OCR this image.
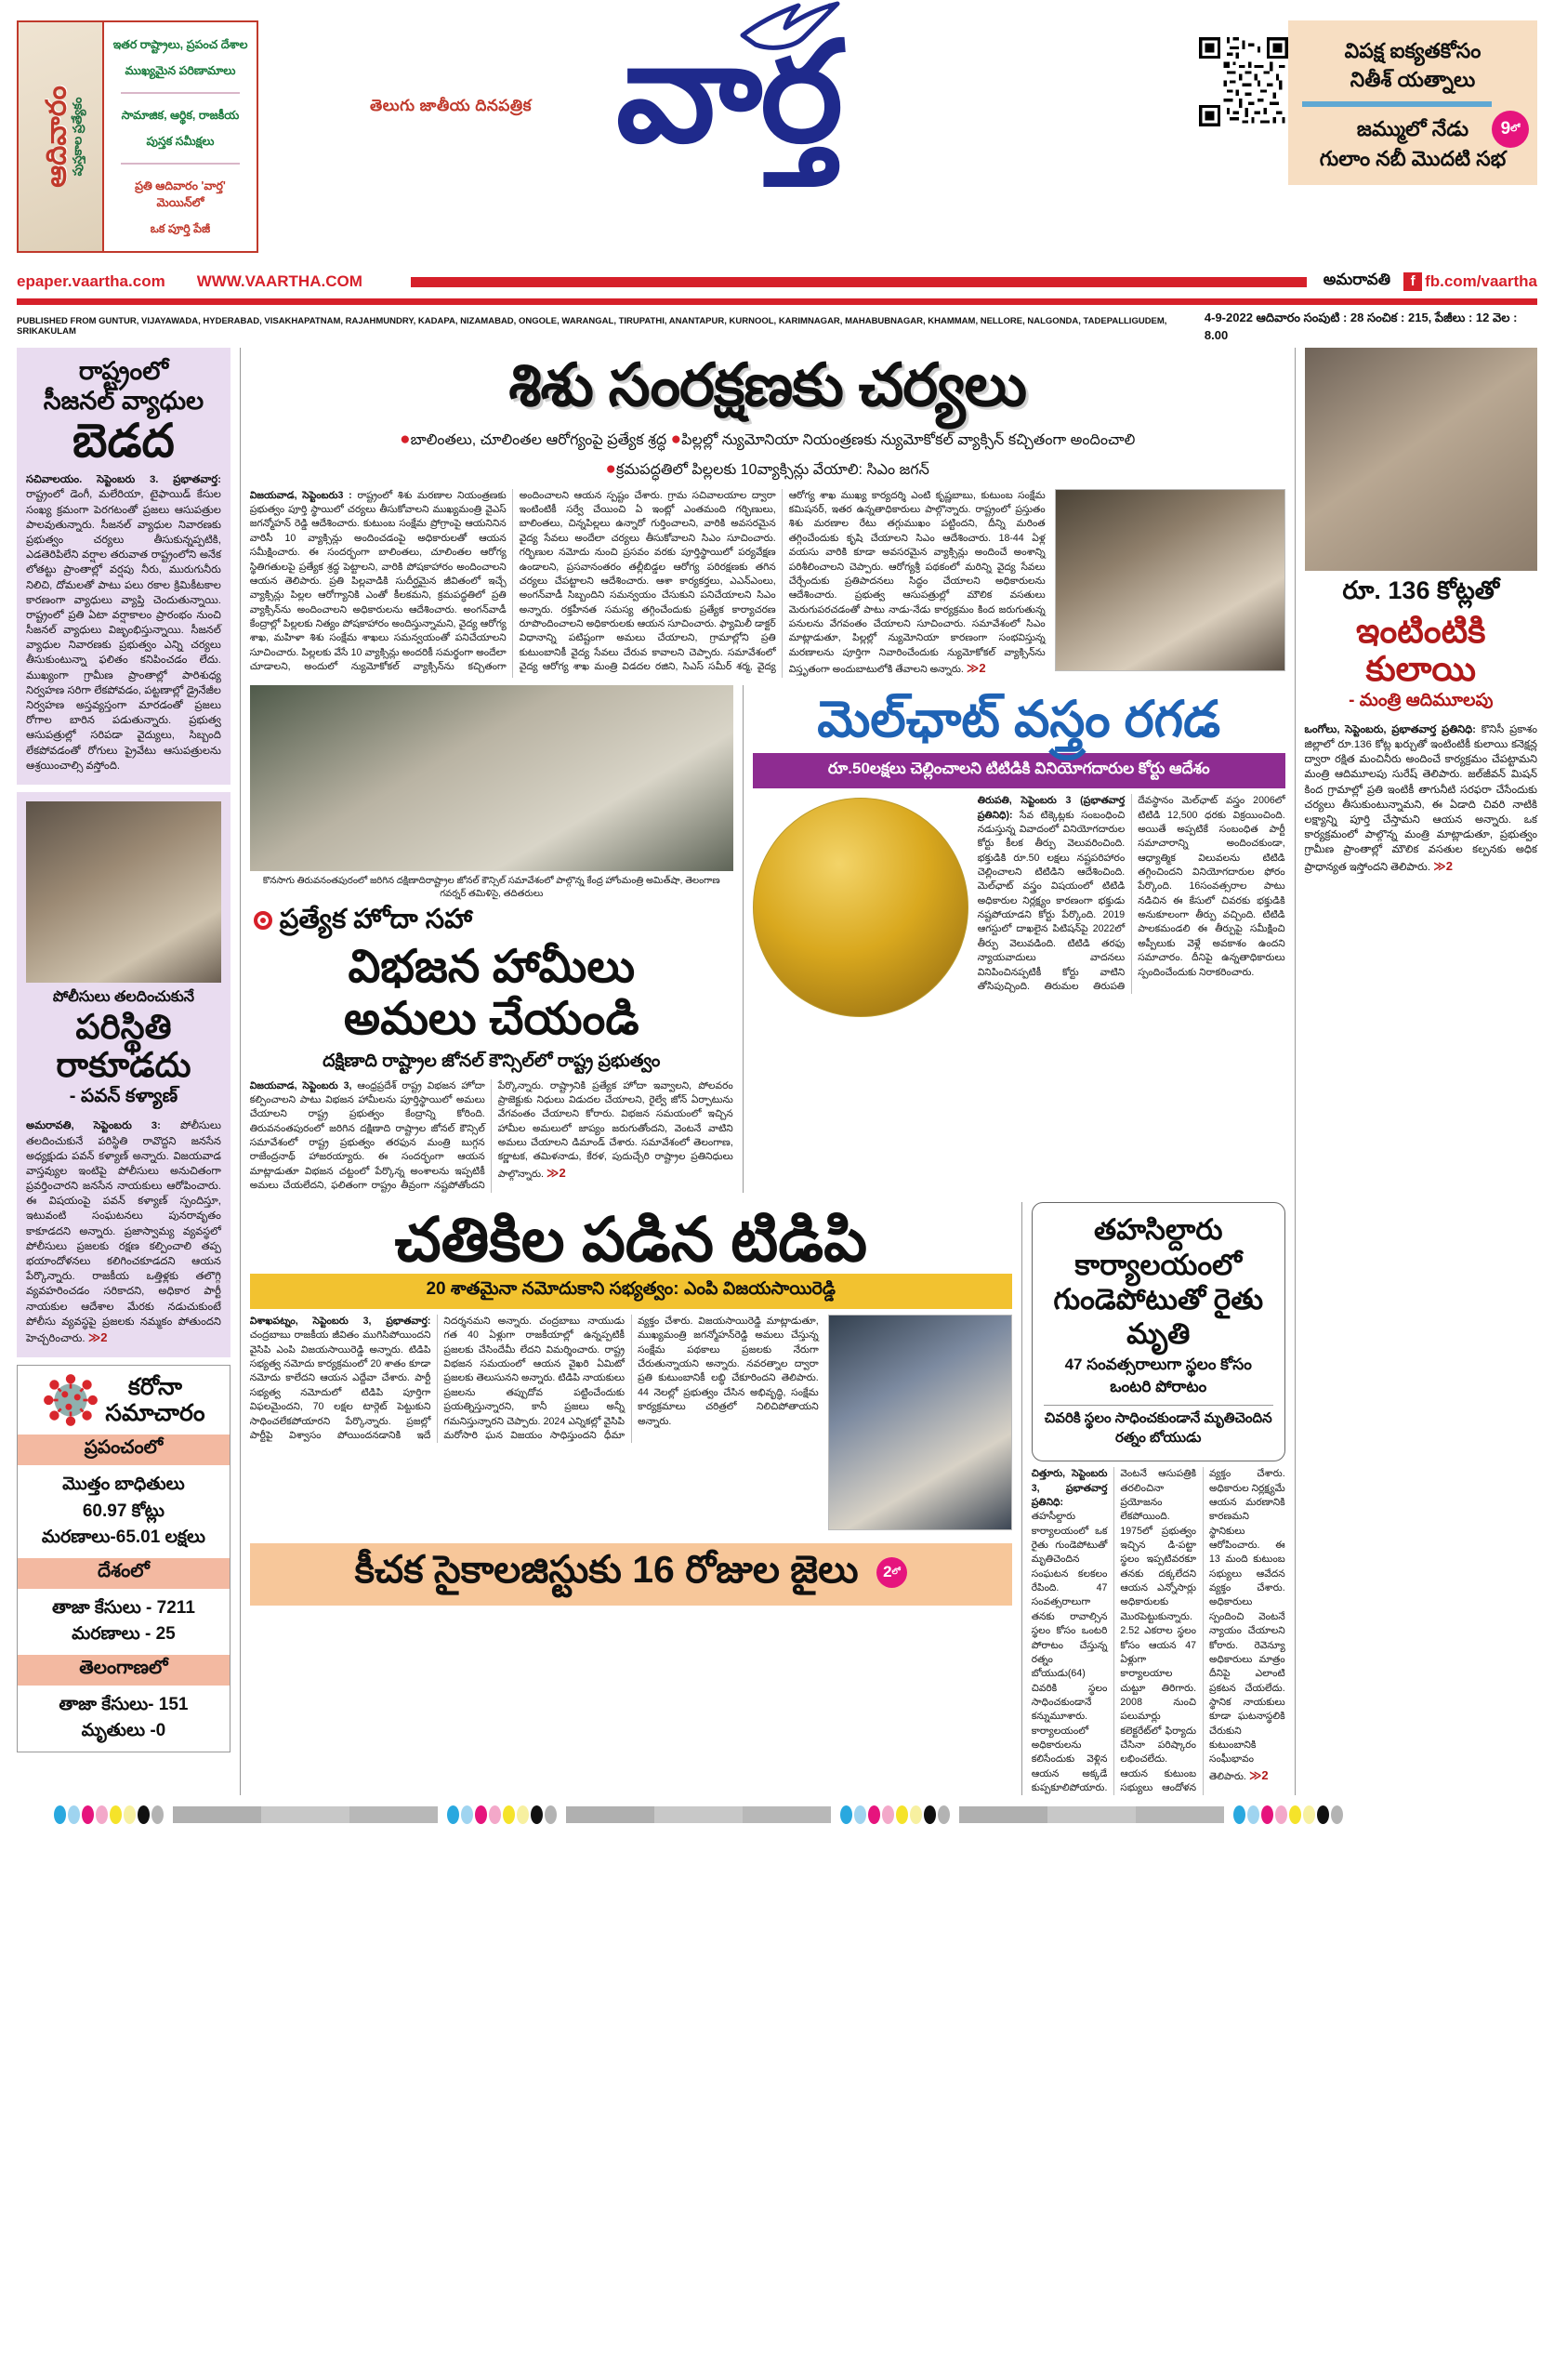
ఆదివారం
పుస్తకాల ప్రత్యేకం
ఇతర రాష్ట్రాలు, ప్రపంచ దేశాల
ముఖ్యమైన పరిణామాలు
సామాజిక, ఆర్థిక, రాజకీయ
పుస్తక సమీక్షలు
ప్రతి ఆదివారం 'వార్త' మెయిన్‌లో
ఒక పూర్తి పేజీ
తెలుగు జాతీయ దినపత్రిక వార్త	విపక్ష ఐక్యతకోసం
నితీశ్ యత్నాలు
9 లో
జమ్ములో నేడు
గులాం నబీ మొదటి సభ
epaper.vaartha.com WWW.VAARTHA.COM	అమరావతి	f fb.com/vaartha
PUBLISHED FROM GUNTUR, VIJAYAWADA, HYDERABAD, VISAKHAPATNAM, RAJAHMUNDRY, KADAPA, NIZAMABAD, ONGOLE, WARANGAL, TIRUPATHI, ANANTAPUR, KURNOOL, KARIMNAGAR, MAHABUBNAGAR, KHAMMAM, NELLORE, NALGONDA, TADEPALLIGUDEM, SRIKAKULAM
4-9-2022 ఆదివారం సంపుటి : 28 సంచిక : 215, పేజీలు : 12 వెల : 8.00
రాష్ట్రంలో
సీజనల్ వ్యాధుల
బెడద
సచివాలయం. సెప్టెంబరు 3. ప్రభాతవార్త: రాష్ట్రంలో డెంగీ, మలేరియా, టైఫాయిడ్ కేసుల సంఖ్య క్రమంగా పెరగటంతో ప్రజలు ఆసుపత్రుల పాలవుతున్నారు. సీజనల్ వ్యాధుల నివారణకు ప్రభుత్వం చర్యలు తీసుకున్నప్పటికి, ఎడతెరిపిలేని వర్షాల తరువాత రాష్ట్రంలోని అనేక లోతట్టు ప్రాంతాల్లో వర్షపు నీరు, మురుగునీరు నిలిచి, దోమలతో పాటు పలు రకాల క్రిమికీటకాల కారణంగా వ్యాధులు వ్యాప్తి చెందుతున్నాయి. రాష్ట్రంలో ప్రతి ఏటా వర్షాకాలం ప్రారంభం నుంచి సీజనల్ వ్యాధులు విజృంభిస్తున్నాయి. సీజనల్ వ్యాధుల నివారణకు ప్రభుత్వం ఎన్ని చర్యలు తీసుకుంటున్నా ఫలితం కనిపించడం లేదు. ముఖ్యంగా గ్రామీణ ప్రాంతాల్లో పారిశుధ్య నిర్వహణ సరిగా లేకపోవడం, పట్టణాల్లో డ్రైనేజీల నిర్వహణ అస్తవ్యస్తంగా మారడంతో ప్రజలు రోగాల బారిన పడుతున్నారు. ప్రభుత్వ ఆసుపత్రుల్లో సరిపడా వైద్యులు, సిబ్బంది లేకపోవడంతో రోగులు ప్రైవేటు ఆసుపత్రులను ఆశ్రయించాల్సి వస్తోంది.
పోలీసులు తలదించుకునే
పరిస్థితి
రాకూడదు
- పవన్ కళ్యాణ్
అమరావతి, సెప్టెంబరు 3: పోలీసులు తలదించుకునే పరిస్థితి రావొద్దని జనసేన అధ్యక్షుడు పవన్ కళ్యాణ్ అన్నారు. విజయవాడ వాస్తవ్యుల ఇంటిపై పోలీసులు అనుచితంగా ప్రవర్తించారని జనసేన నాయకులు ఆరోపించారు. ఈ విషయంపై పవన్ కళ్యాణ్ స్పందిస్తూ, ఇటువంటి సంఘటనలు పునరావృతం కాకూడదని అన్నారు. ప్రజాస్వామ్య వ్యవస్థలో పోలీసులు ప్రజలకు రక్షణ కల్పించాలి తప్ప భయాందోళనలు కలిగించకూడదని ఆయన పేర్కొన్నారు. రాజకీయ ఒత్తిళ్లకు తలొగ్గి వ్యవహరించడం సరికాదని, అధికార పార్టీ నాయకుల ఆదేశాల మేరకు నడుచుకుంటే పోలీసు వ్యవస్థపై ప్రజలకు నమ్మకం పోతుందని హెచ్చరించారు. ≫2
కరోనా
సమాచారం
ప్రపంచంలో
మొత్తం బాధితులు
60.97 కోట్లు
మరణాలు-65.01 లక్షలు
దేశంలో
తాజా కేసులు - 7211
మరణాలు - 25
తెలంగాణలో
తాజా కేసులు- 151
మృతులు -0
శిశు సంరక్షణకు చర్యలు
●బాలింతలు, చూలింతల ఆరోగ్యంపై ప్రత్యేక శ్రద్ధ ●పిల్లల్లో న్యుమోనియా నియంత్రణకు న్యుమోకోకల్ వ్యాక్సిన్ కచ్చితంగా అందించాలి
●క్రమపద్ధతిలో పిల్లలకు 10వ్యాక్సిన్లు వేయాలి: సిఎం జగన్
విజయవాడ, సెప్టెంబరు3 : రాష్ట్రంలో శిశు మరణాల నియంత్రణకు ప్రభుత్వం పూర్తి స్థాయిలో చర్యలు తీసుకోవాలని ముఖ్యమంత్రి వైఎస్ జగన్మోహన్ రెడ్డి ఆదేశించారు. కుటుంబ సంక్షేమ ప్రోగ్రాంపై ఆయనినిన వారిసీ 10 వ్యాక్సిన్లు అందించడంపై అధికారులతో ఆయన సమీక్షించారు. ఈ సందర్భంగా బాలింతలు, చూలింతల ఆరోగ్య స్థితిగతులపై ప్రత్యేక శ్రద్ధ పెట్టాలని, వారికి పోషకాహారం అందించాలని ఆయన తెలిపారు. ప్రతి పిల్లవాడికి సుదీర్ఘమైన జీవితంలో ఇచ్చే వ్యాక్సిన్లు పిల్లల ఆరోగ్యానికి ఎంతో కీలకమని, క్రమపద్ధతిలో ప్రతి వ్యాక్సిన్‌ను అందించాలని అధికారులను ఆదేశించారు. అంగన్‌వాడీ కేంద్రాల్లో పిల్లలకు నిత్యం పోషకాహారం అందిస్తున్నామని, వైద్య ఆరోగ్య శాఖ, మహిళా శిశు సంక్షేమ శాఖలు సమన్వయంతో పనిచేయాలని సూచించారు. పిల్లలకు వేసే 10 వ్యాక్సిన్లు అందరికీ సమర్థంగా అందేలా చూడాలని, అందులో న్యుమోకోకల్ వ్యాక్సిన్‌ను కచ్చితంగా అందించాలని ఆయన స్పష్టం చేశారు. గ్రామ సచివాలయాల ద్వారా ఇంటింటికీ సర్వే చేయించి ఏ ఇంట్లో ఎంతమంది గర్భిణులు, బాలింతలు, చిన్నపిల్లలు ఉన్నారో గుర్తించాలని, వారికి అవసరమైన వైద్య సేవలు అందేలా చర్యలు తీసుకోవాలని సిఎం సూచించారు. గర్భిణుల నమోదు నుంచి ప్రసవం వరకు పూర్తిస్థాయిలో పర్యవేక్షణ ఉండాలని, ప్రసవానంతరం తల్లీబిడ్డల ఆరోగ్య పరిరక్షణకు తగిన చర్యలు చేపట్టాలని ఆదేశించారు. ఆశా కార్యకర్తలు, ఎఎన్ఎంలు, అంగన్‌వాడీ సిబ్బందిని సమన్వయం చేసుకుని పనిచేయాలని సిఎం అన్నారు. రక్తహీనత సమస్య తగ్గించేందుకు ప్రత్యేక కార్యాచరణ రూపొందించాలని అధికారులకు ఆయన సూచించారు. ఫ్యామిలీ డాక్టర్ విధానాన్ని పటిష్టంగా అమలు చేయాలని, గ్రామాల్లోని ప్రతి కుటుంబానికీ వైద్య సేవలు చేరువ కావాలని చెప్పారు. సమావేశంలో వైద్య ఆరోగ్య శాఖ మంత్రి విడదల రజిని, సిఎస్ సమీర్ శర్మ, వైద్య ఆరోగ్య శాఖ ముఖ్య కార్యదర్శి ఎంటి కృష్ణబాబు, కుటుంబ సంక్షేమ కమిషనర్, ఇతర ఉన్నతాధికారులు పాల్గొన్నారు. రాష్ట్రంలో ప్రస్తుతం శిశు మరణాల రేటు తగ్గుముఖం పట్టిందని, దీన్ని మరింత తగ్గించేందుకు కృషి చేయాలని సిఎం ఆదేశించారు. 18-44 ఏళ్ల వయసు వారికి కూడా అవసరమైన వ్యాక్సిన్లు అందించే అంశాన్ని పరిశీలించాలని చెప్పారు. ఆరోగ్యశ్రీ పథకంలో మరిన్ని వైద్య సేవలు చేర్చేందుకు ప్రతిపాదనలు సిద్ధం చేయాలని అధికారులను ఆదేశించారు. ప్రభుత్వ ఆసుపత్రుల్లో మౌలిక వసతులు మెరుగుపరచడంతో పాటు నాడు-నేడు కార్యక్రమం కింద జరుగుతున్న పనులను వేగవంతం చేయాలని సూచించారు. సమావేశంలో సిఎం మాట్లాడుతూ, పిల్లల్లో న్యుమోనియా కారణంగా సంభవిస్తున్న మరణాలను పూర్తిగా నివారించేందుకు న్యుమోకోకల్ వ్యాక్సిన్‌ను విస్తృతంగా అందుబాటులోకి తేవాలని అన్నారు. ≫2
కొనసాగు తిరువనంతపురంలో జరిగిన దక్షిణాదిరాష్ట్రాల జోనల్ కౌన్సిల్ సమావేశంలో పాల్గొన్న కేంద్ర హోంమంత్రి అమిత్‌షా, తెలంగాణ గవర్నర్ తమిళిసై, తదితరులు
ప్రత్యేక హోదా సహా
విభజన హామీలు
అమలు చేయండి
దక్షిణాది రాష్ట్రాల జోనల్ కౌన్సిల్‌లో రాష్ట్ర ప్రభుత్వం
విజయవాడ, సెప్టెంబరు 3, ఆంధ్రప్రదేశ్ రాష్ట్ర విభజన హోదా కల్పించాలని పాటు విభజన హామీలను పూర్తిస్థాయిలో అమలు చేయాలని రాష్ట్ర ప్రభుత్వం కేంద్రాన్ని కోరింది. తిరువనంతపురంలో జరిగిన దక్షిణాది రాష్ట్రాల జోనల్ కౌన్సిల్ సమావేశంలో రాష్ట్ర ప్రభుత్వం తరఫున మంత్రి బుగ్గన రాజేంద్రనాథ్ హాజరయ్యారు. ఈ సందర్భంగా ఆయన మాట్లాడుతూ విభజన చట్టంలో పేర్కొన్న అంశాలను ఇప్పటికీ అమలు చేయలేదని, ఫలితంగా రాష్ట్రం తీవ్రంగా నష్టపోతోందని పేర్కొన్నారు. రాష్ట్రానికి ప్రత్యేక హోదా ఇవ్వాలని, పోలవరం ప్రాజెక్టుకు నిధులు విడుదల చేయాలని, రైల్వే జోన్ ఏర్పాటును వేగవంతం చేయాలని కోరారు. విభజన సమయంలో ఇచ్చిన హామీల అమలులో జాప్యం జరుగుతోందని, వెంటనే వాటిని అమలు చేయాలని డిమాండ్ చేశారు. సమావేశంలో తెలంగాణ, కర్ణాటక, తమిళనాడు, కేరళ, పుదుచ్చేరి రాష్ట్రాల ప్రతినిధులు పాల్గొన్నారు. ≫2
మెల్‌ఛాట్ వస్త్రం రగడ
రూ.50లక్షలు చెల్లించాలని టిటిడికి వినియోగదారుల కోర్టు ఆదేశం
తిరుపతి, సెప్టెంబరు 3 (ప్రభాతవార్త ప్రతినిధి): సేవ టిక్కెట్లకు సంబంధించి నడుస్తున్న వివాదంలో వినియోగదారుల కోర్టు కీలక తీర్పు వెలువరించింది. భక్తుడికి రూ.50 లక్షలు నష్టపరిహారం చెల్లించాలని టిటిడిని ఆదేశించింది. మెల్‌ఛాట్ వస్త్రం విషయంలో టిటిడి అధికారుల నిర్లక్ష్యం కారణంగా భక్తుడు నష్టపోయాడని కోర్టు పేర్కొంది. 2019 ఆగస్టులో దాఖలైన పిటిషన్‌పై 2022లో తీర్పు వెలువడింది. టిటిడి తరఫు న్యాయవాదులు వాదనలు వినిపించినప్పటికీ కోర్టు వాటిని తోసిపుచ్చింది. తిరుమల తిరుపతి దేవస్థానం మెల్‌ఛాట్ వస్త్రం 2006లో టిటిడి 12,500 ధరకు విక్రయించింది. అయితే అప్పటికే సంబంధిత పార్టీ సమాచారాన్ని అందించకుండా, ఆధ్యాత్మిక విలువలను టిటిడి తగ్గించిందని వినియోగదారుల ఫోరం పేర్కొంది. 16సంవత్సరాల పాటు నడిచిన ఈ కేసులో చివరకు భక్తుడికి అనుకూలంగా తీర్పు వచ్చింది. టిటిడి పాలకమండలి ఈ తీర్పుపై సమీక్షించి అప్పీలుకు వెళ్లే అవకాశం ఉందని సమాచారం. దీనిపై ఉన్నతాధికారులు స్పందించేందుకు నిరాకరించారు.
చతికిల పడిన టిడిపి
20 శాతమైనా నమోదుకాని సభ్యత్వం: ఎంపి విజయసాయిరెడ్డి
విశాఖపట్నం, సెప్టెంబరు 3, ప్రభాతవార్త: చంద్రబాబు రాజకీయ జీవితం ముగిసిపోయిందని వైసిపి ఎంపి విజయసాయిరెడ్డి అన్నారు. టిడిపి సభ్యత్వ నమోదు కార్యక్రమంలో 20 శాతం కూడా నమోదు కాలేదని ఆయన ఎద్దేవా చేశారు. పార్టీ సభ్యత్వ నమోదులో టిడిపి పూర్తిగా విఫలమైందని, 70 లక్షల టార్గెట్ పెట్టుకుని సాధించలేకపోయారని పేర్కొన్నారు. ప్రజల్లో పార్టీపై విశ్వాసం పోయిందనడానికి ఇదే నిదర్శనమని అన్నారు. చంద్రబాబు నాయుడు గత 40 ఏళ్లుగా రాజకీయాల్లో ఉన్నప్పటికీ ప్రజలకు చేసిందేమీ లేదని విమర్శించారు. రాష్ట్ర విభజన సమయంలో ఆయన వైఖరి ఏమిటో ప్రజలకు తెలుసునని అన్నారు. టిడిపి నాయకులు ప్రజలను తప్పుదోవ పట్టించేందుకు ప్రయత్నిస్తున్నారని, కానీ ప్రజలు అన్నీ గమనిస్తున్నారని చెప్పారు. 2024 ఎన్నికల్లో వైసిపి మరోసారి ఘన విజయం సాధిస్తుందని ధీమా వ్యక్తం చేశారు. విజయసాయిరెడ్డి మాట్లాడుతూ, ముఖ్యమంత్రి జగన్మోహన్‌రెడ్డి అమలు చేస్తున్న సంక్షేమ పథకాలు ప్రజలకు నేరుగా చేరుతున్నాయని అన్నారు. నవరత్నాల ద్వారా ప్రతి కుటుంబానికీ లబ్ధి చేకూరిందని తెలిపారు. 44 నెలల్లో ప్రభుత్వం చేసిన అభివృద్ధి, సంక్షేమ కార్యక్రమాలు చరిత్రలో నిలిచిపోతాయని అన్నారు.
కీచక సైకాలజిస్టుకు 16 రోజుల జైలు 2 లో
తహసిల్దారు కార్యాలయంలో
గుండెపోటుతో రైతు మృతి
47 సంవత్సరాలుగా స్థలం కోసం ఒంటరి పోరాటం
చివరికి స్థలం సాధించకుండానే మృతిచెందిన రత్నం బోయుడు
చిత్తూరు, సెప్టెంబరు 3, ప్రభాతవార్త ప్రతినిధి: తహసీల్దారు కార్యాలయంలో ఒక రైతు గుండెపోటుతో మృతిచెందిన సంఘటన కలకలం రేపింది. 47 సంవత్సరాలుగా తనకు రావాల్సిన స్థలం కోసం ఒంటరి పోరాటం చేస్తున్న రత్నం బోయుడు(64) చివరికి స్థలం సాధించకుండానే కన్నుమూశారు. కార్యాలయంలో అధికారులను కలిసేందుకు వెళ్లిన ఆయన అక్కడే కుప్పకూలిపోయారు. వెంటనే ఆసుపత్రికి తరలించినా ప్రయోజనం లేకపోయింది. 1975లో ప్రభుత్వం ఇచ్చిన డి-పట్టా స్థలం ఇప్పటివరకూ తనకు దక్కలేదని ఆయన ఎన్నోసార్లు అధికారులకు మొరపెట్టుకున్నారు. 2.52 ఎకరాల స్థలం కోసం ఆయన 47 ఏళ్లుగా కార్యాలయాల చుట్టూ తిరిగారు. 2008 నుంచి పలుమార్లు కలెక్టరేట్‌లో ఫిర్యాదు చేసినా పరిష్కారం లభించలేదు. ఆయన కుటుంబ సభ్యులు ఆందోళన వ్యక్తం చేశారు. అధికారుల నిర్లక్ష్యమే ఆయన మరణానికి కారణమని స్థానికులు ఆరోపించారు. ఈ 13 మంది కుటుంబ సభ్యులు ఆవేదన వ్యక్తం చేశారు. అధికారులు స్పందించి వెంటనే న్యాయం చేయాలని కోరారు. రెవెన్యూ అధికారులు మాత్రం దీనిపై ఎలాంటి ప్రకటన చేయలేదు. స్థానిక నాయకులు కూడా ఘటనాస్థలికి చేరుకుని కుటుంబానికి సంఘీభావం తెలిపారు. ≫2
రూ. 136 కోట్లతో
ఇంటింటికి
కులాయి
- మంత్రి ఆదిమూలపు
ఒంగోలు, సెప్టెంబరు, ప్రభాతవార్త ప్రతినిధి: కొనిసీ ప్రకాశం జిల్లాలో రూ.136 కోట్ల ఖర్చుతో ఇంటింటికీ కులాయి కనెక్షన్ల ద్వారా రక్షిత మంచినీరు అందించే కార్యక్రమం చేపట్టామని మంత్రి ఆదిమూలపు సురేష్ తెలిపారు. జల్‌జీవన్ మిషన్ కింద గ్రామాల్లో ప్రతి ఇంటికీ తాగునీటి సరఫరా చేసేందుకు చర్యలు తీసుకుంటున్నామని, ఈ ఏడాది చివరి నాటికి లక్ష్యాన్ని పూర్తి చేస్తామని ఆయన అన్నారు. ఒక కార్యక్రమంలో పాల్గొన్న మంత్రి మాట్లాడుతూ, ప్రభుత్వం గ్రామీణ ప్రాంతాల్లో మౌలిక వసతుల కల్పనకు అధిక ప్రాధాన్యత ఇస్తోందని తెలిపారు. ≫2
